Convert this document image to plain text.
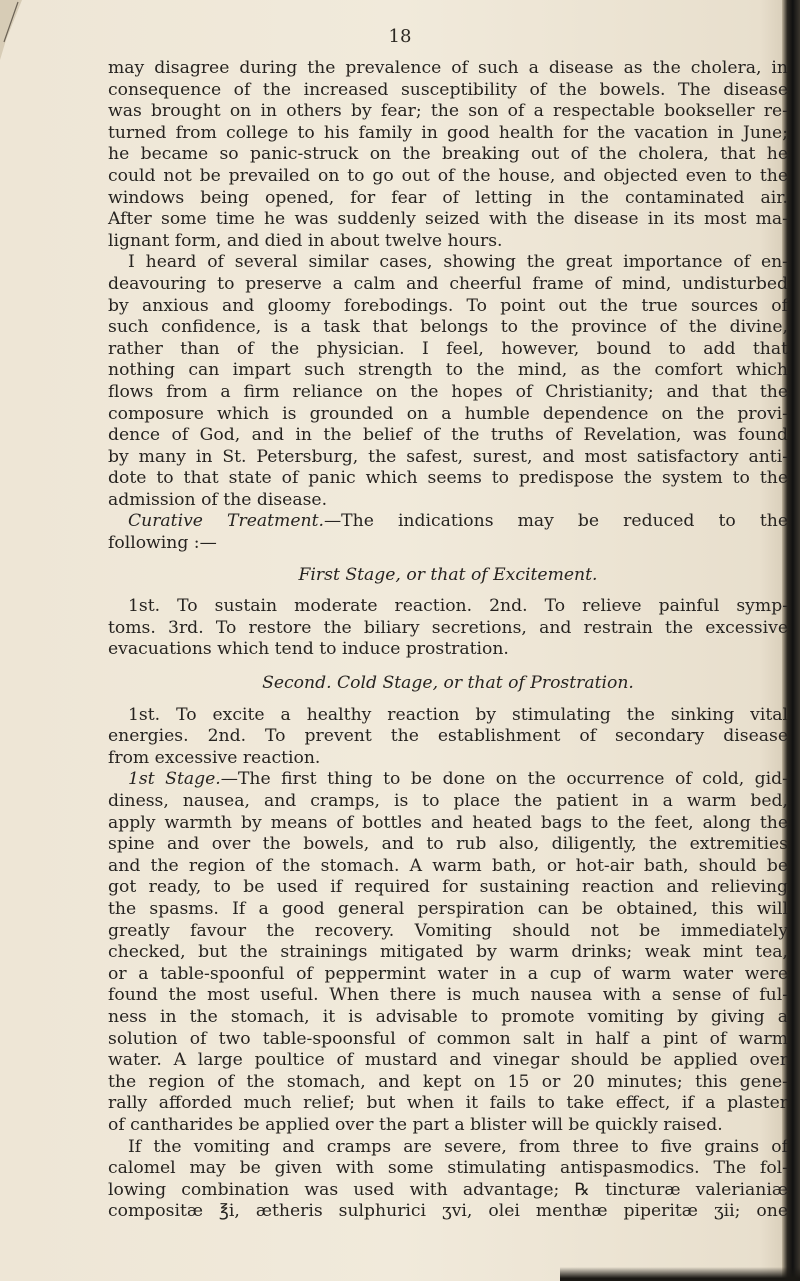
18
may disagree during the prevalence of such a disease as the cholera, in
consequence of the increased susceptibility of the bowels. The disease
was brought on in others by fear; the son of a respectable bookseller re-
turned from college to his family in good health for the vacation in June;
he became so panic-struck on the breaking out of the cholera, that he
could not be prevailed on to go out of the house, and objected even to the
windows being opened, for fear of letting in the contaminated air.
After some time he was suddenly seized with the disease in its most ma-
lignant form, and died in about twelve hours.
I heard of several similar cases, showing the great importance of en-
deavouring to preserve a calm and cheerful frame of mind, undisturbed
by anxious and gloomy forebodings. To point out the true sources of
such confidence, is a task that belongs to the province of the divine,
rather than of the physician. I feel, however, bound to add that
nothing can impart such strength to the mind, as the comfort which
flows from a firm reliance on the hopes of Christianity; and that the
composure which is grounded on a humble dependence on the provi-
dence of God, and in the belief of the truths of Revelation, was found
by many in St. Petersburg, the safest, surest, and most satisfactory anti-
dote to that state of panic which seems to predispose the system to the
admission of the disease.
Curative Treatment.—The indications may be reduced to the
following :—
First Stage, or that of Excitement.
1st. To sustain moderate reaction. 2nd. To relieve painful symp-
toms. 3rd. To restore the biliary secretions, and restrain the excessive
evacuations which tend to induce prostration.
Second. Cold Stage, or that of Prostration.
1st. To excite a healthy reaction by stimulating the sinking vital
energies. 2nd. To prevent the establishment of secondary disease
from excessive reaction.
1st Stage.—The first thing to be done on the occurrence of cold, gid-
diness, nausea, and cramps, is to place the patient in a warm bed,
apply warmth by means of bottles and heated bags to the feet, along the
spine and over the bowels, and to rub also, diligently, the extremities
and the region of the stomach. A warm bath, or hot-air bath, should be
got ready, to be used if required for sustaining reaction and relieving
the spasms. If a good general perspiration can be obtained, this will
greatly favour the recovery. Vomiting should not be immediately
checked, but the strainings mitigated by warm drinks; weak mint tea,
or a table-spoonful of peppermint water in a cup of warm water were
found the most useful. When there is much nausea with a sense of ful-
ness in the stomach, it is advisable to promote vomiting by giving a
solution of two table-spoonsful of common salt in half a pint of warm
water. A large poultice of mustard and vinegar should be applied over
the region of the stomach, and kept on 15 or 20 minutes; this gene-
rally afforded much relief; but when it fails to take effect, if a plaster
of cantharides be applied over the part a blister will be quickly raised.
If the vomiting and cramps are severe, from three to five grains of
calomel may be given with some stimulating antispasmodics. The fol-
lowing combination was used with advantage; ℞ tincturæ valerianiæ
compositæ ℥i, ætheris sulphurici ʒvi, olei menthæ piperitæ ʒii; one
